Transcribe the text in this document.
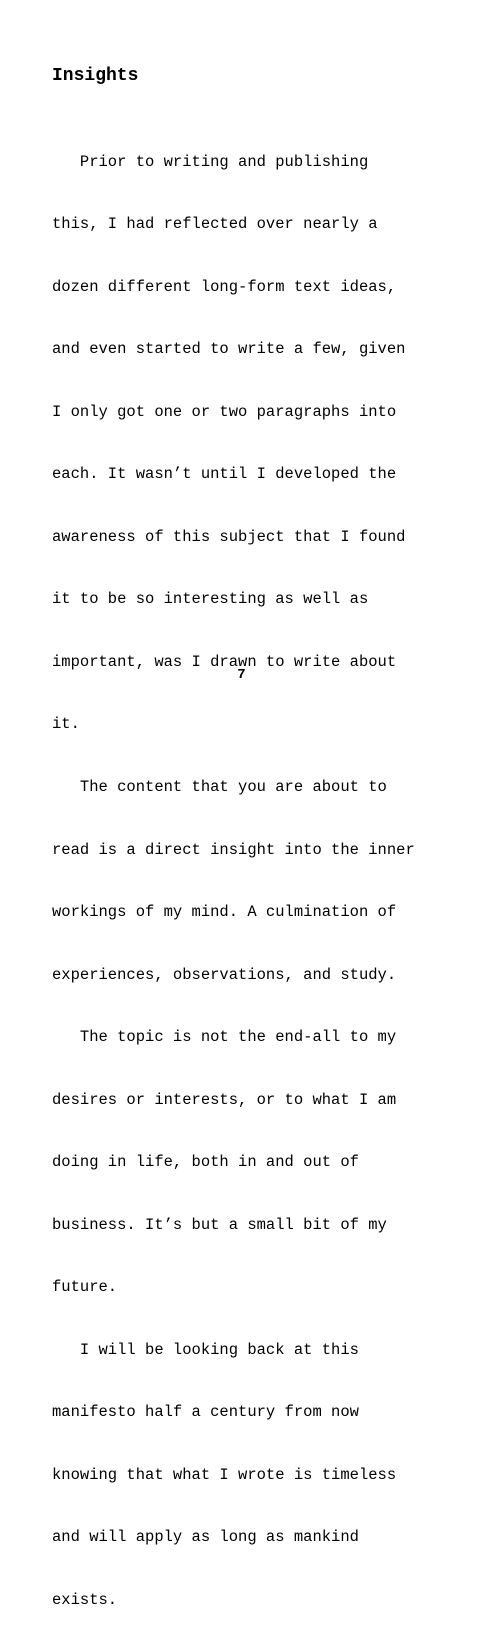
Insights

Prior to writing and publishing

this, I had reflected over nearly a

dozen different long-form text ideas,

and even started to write a few, given

I only got one or two paragraphs into

each. It wasn’t until I developed the

awareness of this subject that I found

it to be so interesting as well as

important, was I drawn to write about

it.

The content that you are about to

read is a direct insight into the inner

workings of my mind. A culmination of

experiences, observations, and study.

The topic is not the end-all to my

desires or interests, or to what I am

doing in life, both in and out of

business. It’s but a small bit of my

future.

I will be looking back at this

manifesto half a century from now

knowing that what I wrote is timeless

and will apply as long as mankind

exists.

7
